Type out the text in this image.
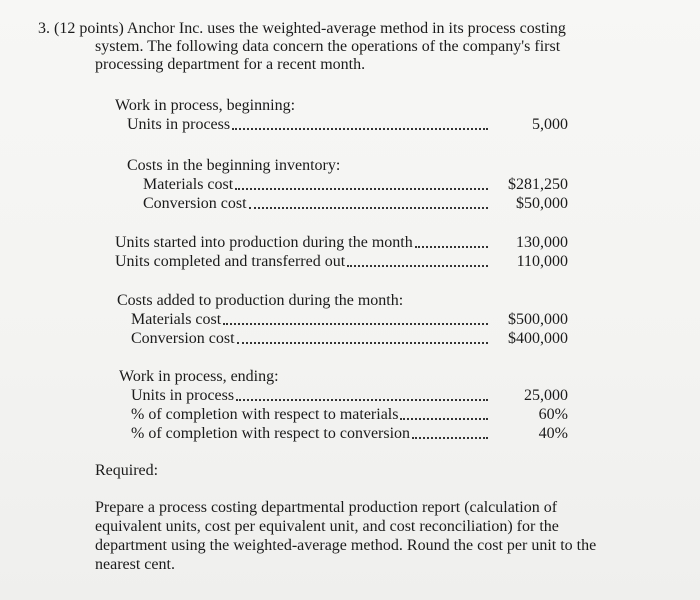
3. (12 points) Anchor Inc. uses the weighted-average method in its process costing
system. The following data concern the operations of the company's first
processing department for a recent month.
Work in process, beginning:
Units in process	5,000
Costs in the beginning inventory:
Materials cost	$281,250
Conversion cost	$50,000
Units started into production during the month	130,000
Units completed and transferred out	110,000
Costs added to production during the month:
Materials cost	$500,000
Conversion cost	$400,000
Work in process, ending:
Units in process	25,000
% of completion with respect to materials	60%
% of completion with respect to conversion	40%
Required:
Prepare a process costing departmental production report (calculation of
equivalent units, cost per equivalent unit, and cost reconciliation) for the
department using the weighted-average method. Round the cost per unit to the
nearest cent.
